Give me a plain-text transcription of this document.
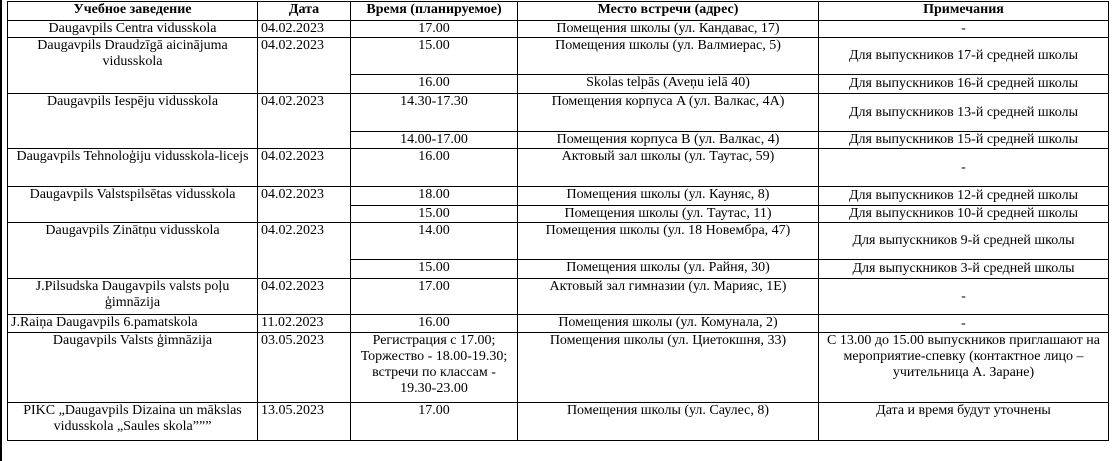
Учебное заведение	Дата	Время (планируемое)	Место встречи (адрес)	Примечания
Daugavpils Centra vidusskola	04.02.2023	17.00	Помещения школы (ул. Кандавас, 17)	-
Daugavpils Draudzīgā aicinājuma vidusskola	04.02.2023	15.00	Помещения школы (ул. Валмиерас, 5)	Для выпускников 17-й средней школы
		16.00	Skolas telpās (Aveņu ielā 40)	Для выпускников 16-й средней школы
Daugavpils Iespēju vidusskola	04.02.2023	14.30-17.30	Помещения корпуса A (ул. Валкас, 4А)	Для выпускников 13-й средней школы
		14.00-17.00	Помещения корпуса B (ул. Валкас, 4)	Для выпускников 15-й средней школы
Daugavpils Tehnoloģiju vidusskola-licejs	04.02.2023	16.00	Актовый зал школы (ул. Таутас, 59)	-
Daugavpils Valstspilsētas vidusskola	04.02.2023	18.00	Помещения школы (ул. Кауняс, 8)	Для выпускников 12-й средней школы
		15.00	Помещения школы (ул. Таутас, 11)	Для выпускников 10-й средней школы
Daugavpils Zinātņu vidusskola	04.02.2023	14.00	Помещения школы (ул. 18 Новембра, 47)	Для выпускников 9-й средней школы
		15.00	Помещения школы (ул. Райня, 30)	Для выпускников 3-й средней школы
J.Pilsudska Daugavpils valsts poļu ģimnāzija	04.02.2023	17.00	Актовый зал гимназии (ул. Марияс, 1Е)	-
J.Raiņa Daugavpils 6.pamatskola	11.02.2023	16.00	Помещения школы (ул. Комунала, 2)	-
Daugavpils Valsts ģimnāzija	03.05.2023	Регистрация с 17.00; Торжество - 18.00-19.30; встречи по классам - 19.30-23.00	Помещения школы (ул. Циетокшня, 33)	С 13.00 до 15.00 выпускников приглашают на мероприятие-спевку (контактное лицо – учительница А. Заране)
PIKC „Daugavpils Dizaina un mākslas vidusskola „Saules skola”””	13.05.2023	17.00	Помещения школы (ул. Саулес, 8)	Дата и время будут уточнены
